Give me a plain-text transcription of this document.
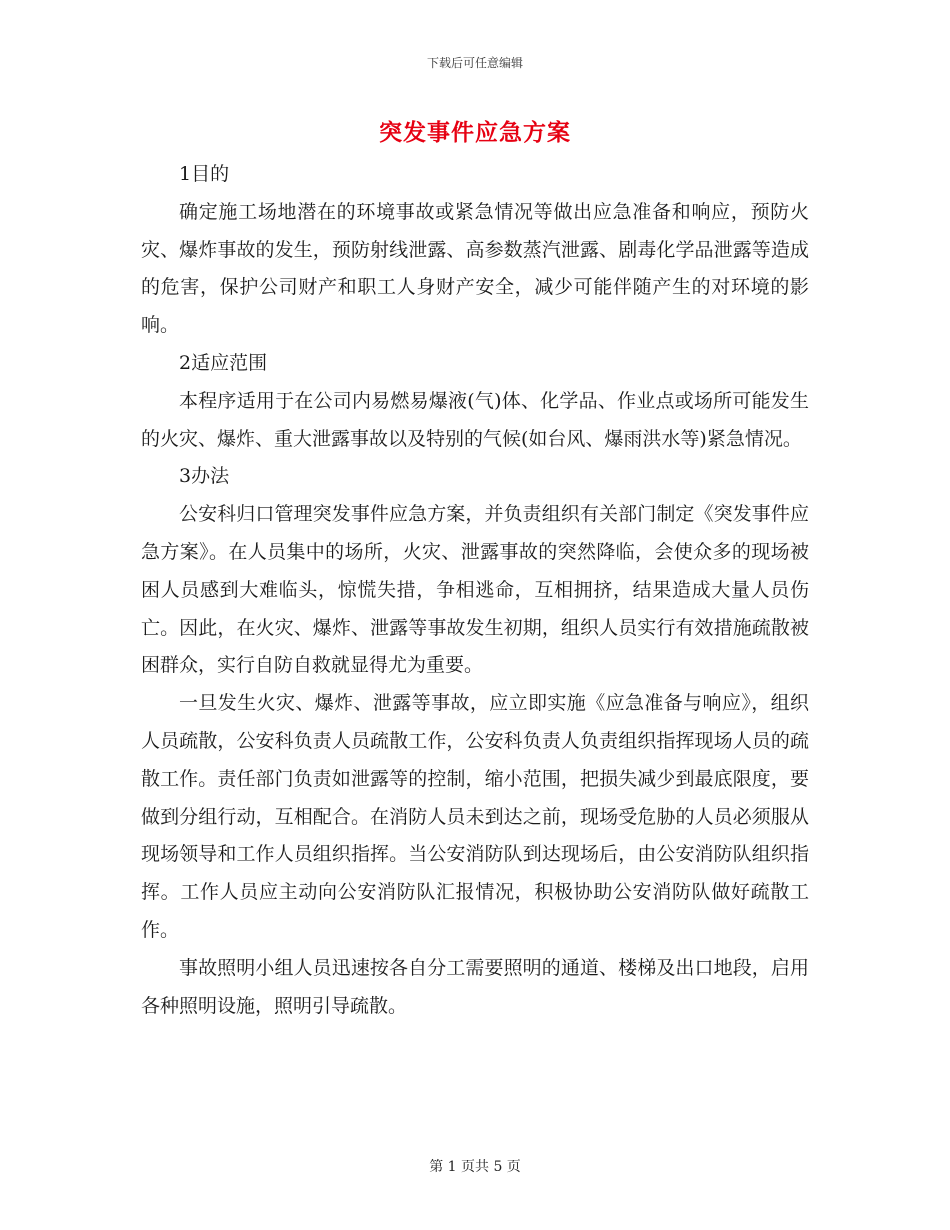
下载后可任意编辑
突发事件应急方案

1目的

确定施工场地潜在的环境事故或紧急情况等做出应急准备和响应，预防火灾、爆炸事故的发生，预防射线泄露、高参数蒸汽泄露、剧毒化学品泄露等造成的危害，保护公司财产和职工人身财产安全，减少可能伴随产生的对环境的影响。

2适应范围

本程序适用于在公司内易燃易爆液(气)体、化学品、作业点或场所可能发生的火灾、爆炸、重大泄露事故以及特别的气候(如台风、爆雨洪水等)紧急情况。

3办法

公安科归口管理突发事件应急方案，并负责组织有关部门制定《突发事件应急方案》。在人员集中的场所，火灾、泄露事故的突然降临，会使众多的现场被困人员感到大难临头，惊慌失措，争相逃命，互相拥挤，结果造成大量人员伤亡。因此，在火灾、爆炸、泄露等事故发生初期，组织人员实行有效措施疏散被困群众，实行自防自救就显得尤为重要。

一旦发生火灾、爆炸、泄露等事故，应立即实施《应急准备与响应》，组织人员疏散，公安科负责人员疏散工作，公安科负责人负责组织指挥现场人员的疏散工作。责任部门负责如泄露等的控制，缩小范围，把损失减少到最底限度，要做到分组行动，互相配合。在消防人员未到达之前，现场受危胁的人员必须服从现场领导和工作人员组织指挥。当公安消防队到达现场后，由公安消防队组织指挥。工作人员应主动向公安消防队汇报情况，积极协助公安消防队做好疏散工作。

事故照明小组人员迅速按各自分工需要照明的通道、楼梯及出口地段，启用各种照明设施，照明引导疏散。

第 1 页共 5 页
